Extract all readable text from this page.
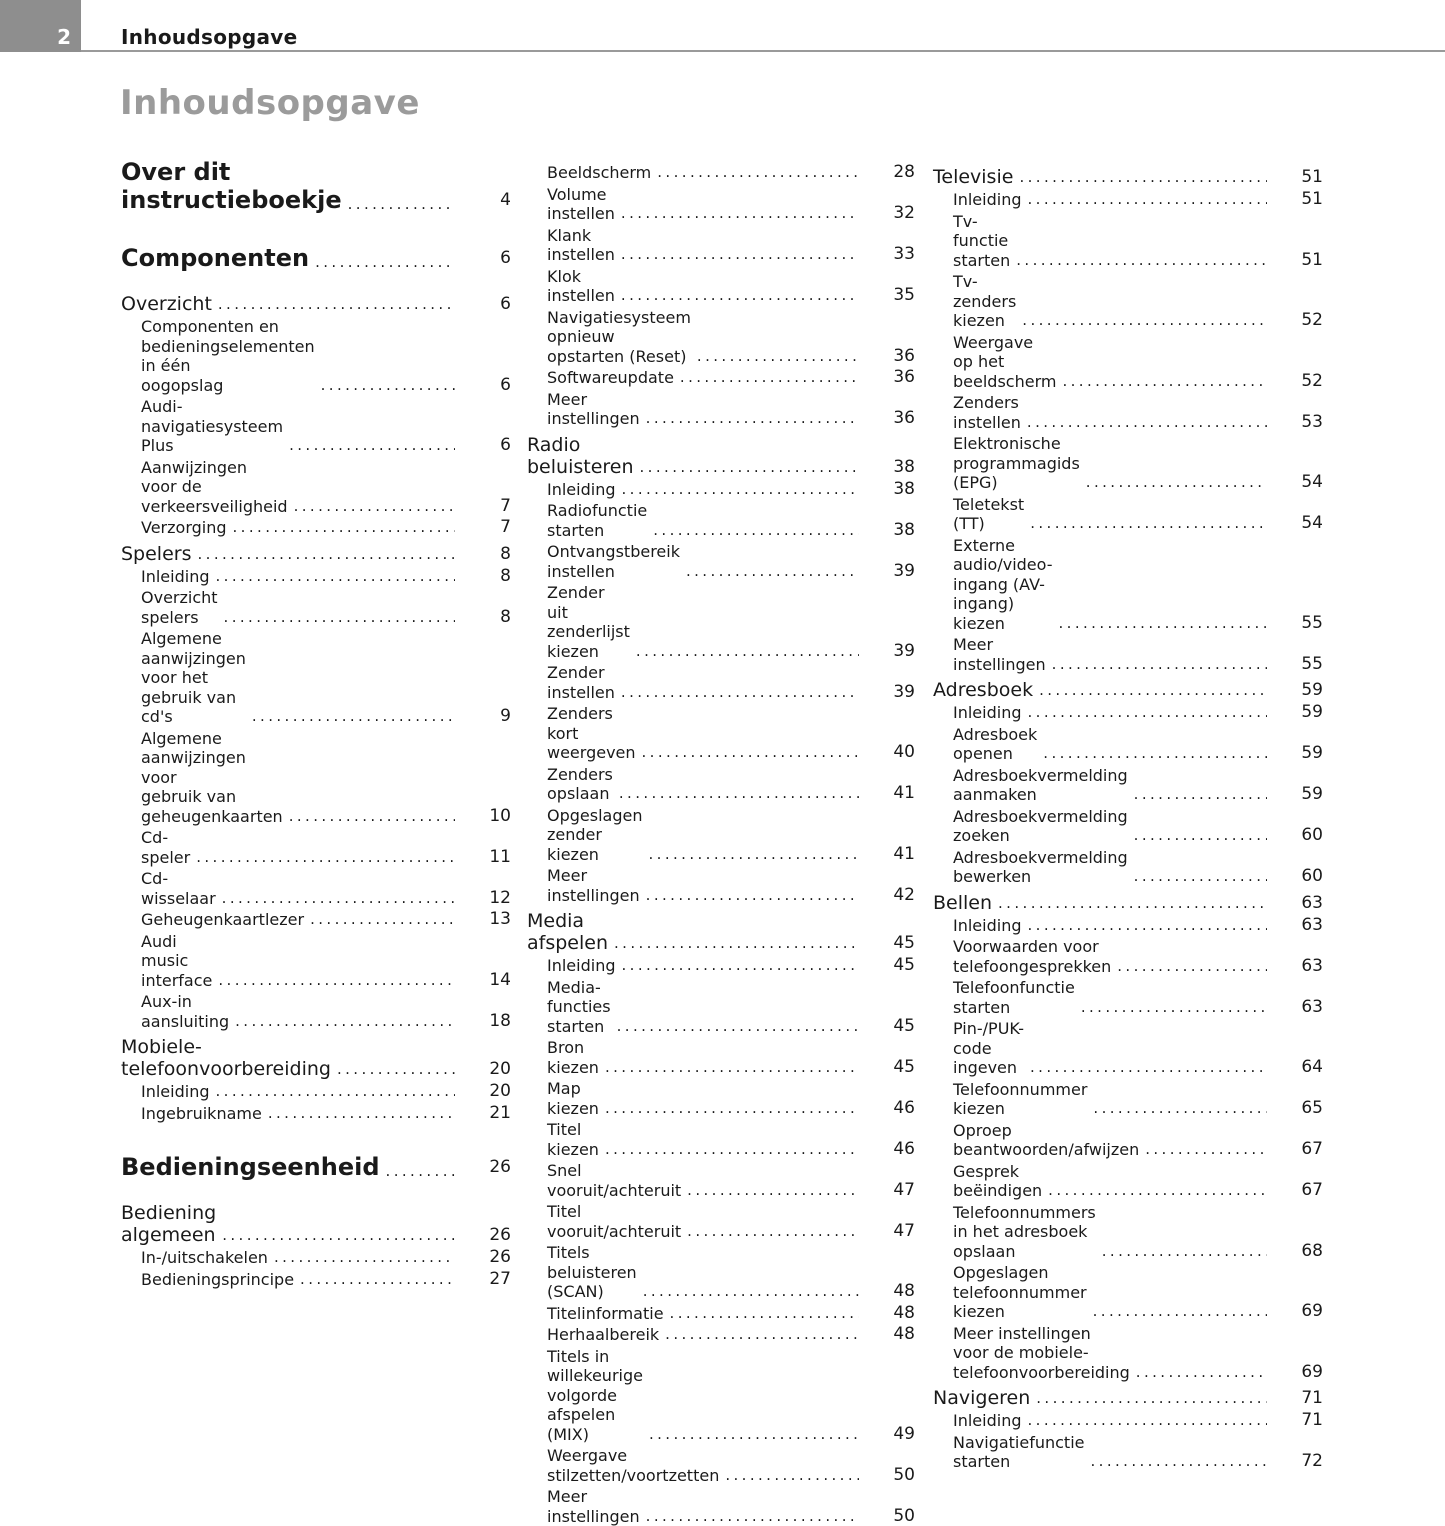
2	Inhoudsopgave
Inhoudsopgave
Over dit
instructieboekje .....	4
Componenten .....	6
Overzicht .....	6
Componenten en
bedieningselementen in één
oogopslag .....	6
Audi-navigatiesysteem Plus .....	6
Aanwijzingen voor de
verkeersveiligheid .....	7
Verzorging .....	7
Spelers .....	8
Inleiding .....	8
Overzicht spelers .....	8
Algemene aanwijzingen voor het
gebruik van cd's .....	9
Algemene aanwijzingen voor
gebruik van geheugenkaarten .....	10
Cd-speler .....	11
Cd-wisselaar .....	12
Geheugenkaartlezer .....	13
Audi music interface .....	14
Aux-in aansluiting .....	18
Mobiele-telefoonvoorbereiding .....	20
Inleiding .....	20
Ingebruikname .....	21
Bedieningseenheid .....	26
Bediening algemeen .....	26
In-/uitschakelen .....	26
Bedieningsprincipe .....	27
Beeldscherm .....	28
Volume instellen .....	32
Klank instellen .....	33
Klok instellen .....	35
Navigatiesysteem opnieuw
opstarten (Reset) .....	36
Softwareupdate .....	36
Meer instellingen .....	36
Radio beluisteren .....	38
Inleiding .....	38
Radiofunctie starten .....	38
Ontvangstbereik instellen .....	39
Zender uit zenderlijst kiezen .....	39
Zender instellen .....	39
Zenders kort weergeven .....	40
Zenders opslaan .....	41
Opgeslagen zender kiezen .....	41
Meer instellingen .....	42
Media afspelen .....	45
Inleiding .....	45
Media-functies starten .....	45
Bron kiezen .....	45
Map kiezen .....	46
Titel kiezen .....	46
Snel vooruit/achteruit .....	47
Titel vooruit/achteruit .....	47
Titels beluisteren (SCAN) .....	48
Titelinformatie .....	48
Herhaalbereik .....	48
Titels in willekeurige volgorde
afspelen (MIX) .....	49
Weergave stilzetten/voortzetten .....	50
Meer instellingen .....	50
Televisie .....	51
Inleiding .....	51
Tv-functie starten .....	51
Tv-zenders kiezen .....	52
Weergave op het beeldscherm .....	52
Zenders instellen .....	53
Elektronische programmagids
(EPG) .....	54
Teletekst (TT) .....	54
Externe audio/video-ingang (AV-
ingang) kiezen .....	55
Meer instellingen .....	55
Adresboek .....	59
Inleiding .....	59
Adresboek openen .....	59
Adresboekvermelding aanmaken .....	59
Adresboekvermelding zoeken .....	60
Adresboekvermelding bewerken .....	60
Bellen .....	63
Inleiding .....	63
Voorwaarden voor
telefoongesprekken .....	63
Telefoonfunctie starten .....	63
Pin-/PUK-code ingeven .....	64
Telefoonnummer kiezen .....	65
Oproep beantwoorden/afwijzen .....	67
Gesprek beëindigen .....	67
Telefoonnummers in het adresboek
opslaan .....	68
Opgeslagen telefoonnummer
kiezen .....	69
Meer instellingen voor de mobiele-
telefoonvoorbereiding .....	69
Navigeren .....	71
Inleiding .....	71
Navigatiefunctie starten .....	72
